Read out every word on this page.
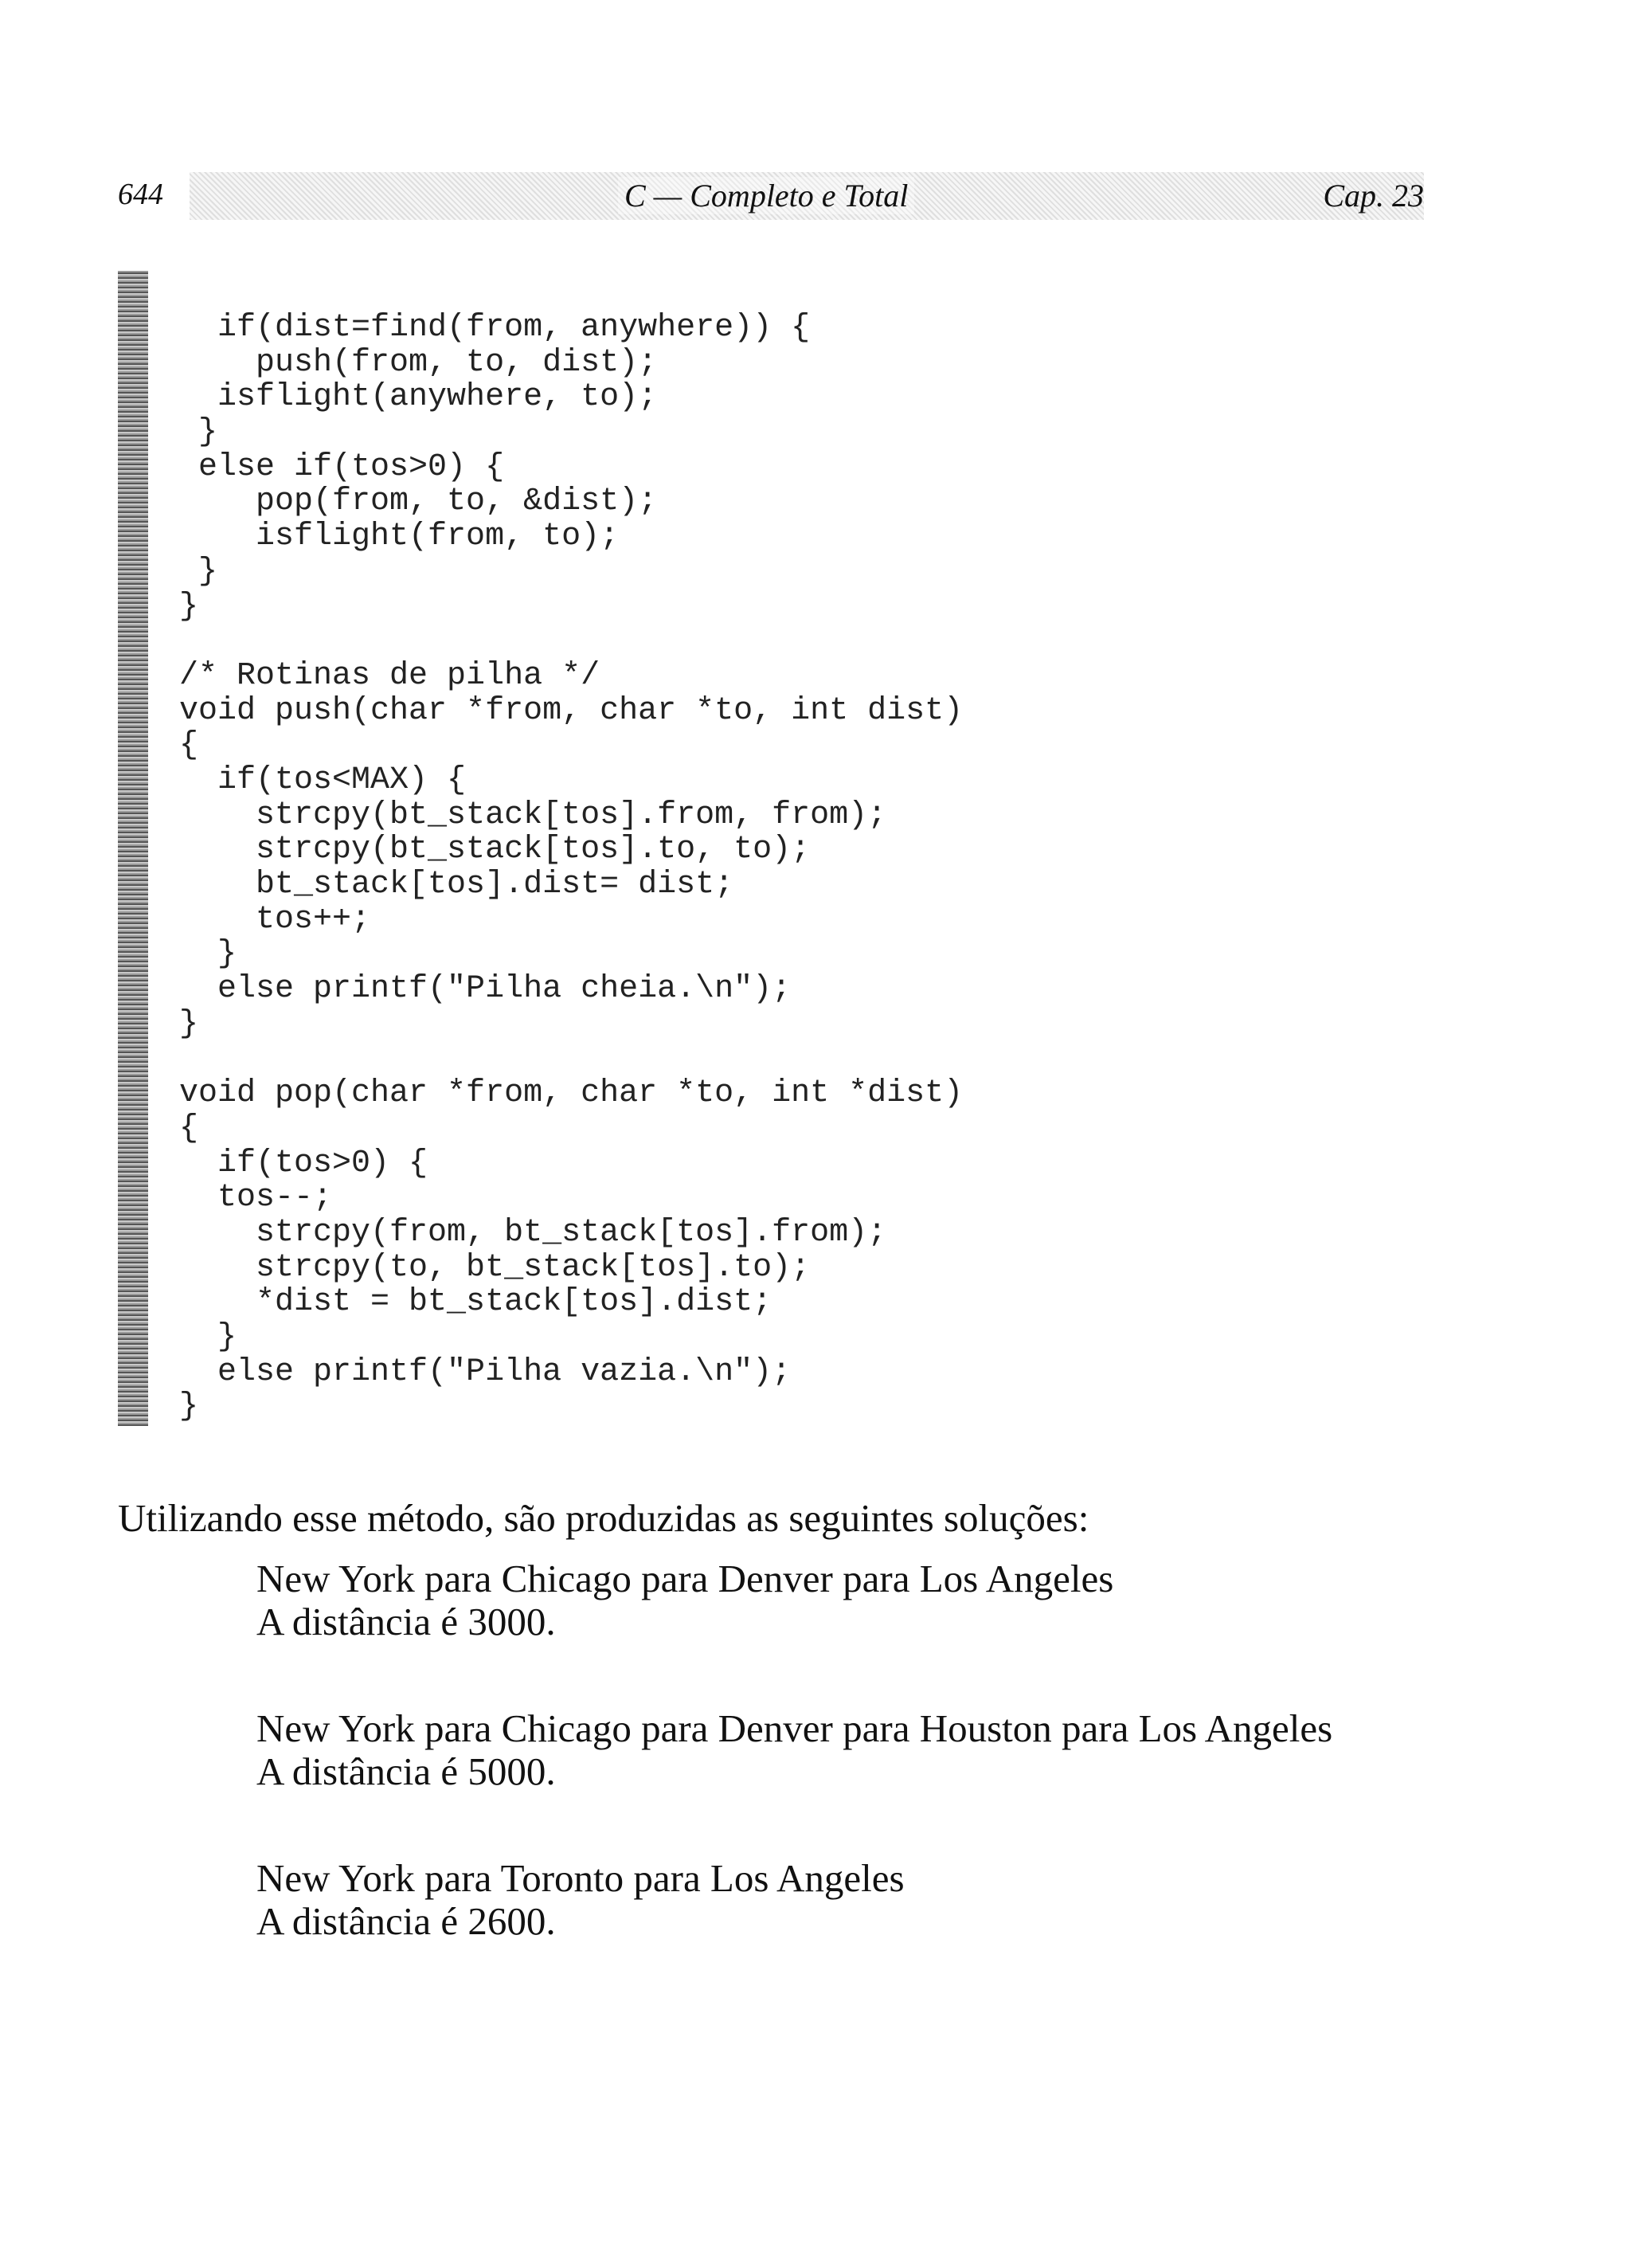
644	C — Completo e Total	Cap. 23
if(dist=find(from, anywhere)) {
push(from, to, dist);
isflight(anywhere, to);
}
else if(tos>0) {
pop(from, to, &dist);
isflight(from, to);
}
}
/* Rotinas de pilha */
void push(char *from, char *to, int dist)
{
if(tos<MAX) {
strcpy(bt_stack[tos].from, from);
strcpy(bt_stack[tos].to, to);
bt_stack[tos].dist= dist;
tos++;
}
else printf("Pilha cheia.\n");
}
void pop(char *from, char *to, int *dist)
{
if(tos>0) {
tos--;
strcpy(from, bt_stack[tos].from);
strcpy(to, bt_stack[tos].to);
*dist = bt_stack[tos].dist;
}
else printf("Pilha vazia.\n");
}

Utilizando esse método, são produzidas as seguintes soluções:

New York para Chicago para Denver para Los Angeles
A distância é 3000.
New York para Chicago para Denver para Houston para Los Angeles
A distância é 5000.
New York para Toronto para Los Angeles
A distância é 2600.
